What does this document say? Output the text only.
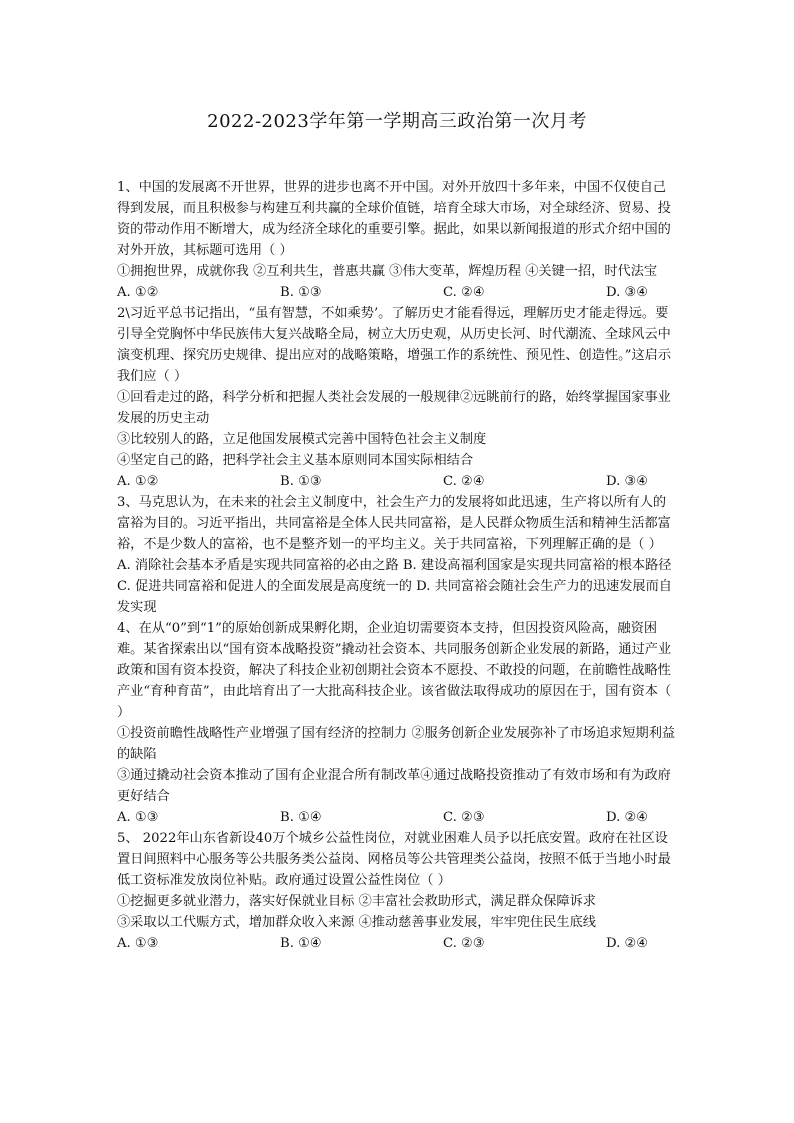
2022-2023学年第一学期高三政治第一次月考

1、中国的发展离不开世界，世界的进步也离不开中国。对外开放四十多年来，中国不仅使自己得到发展，而且积极参与构建互利共赢的全球价值链，培育全球大市场，对全球经济、贸易、投资的带动作用不断增大，成为经济全球化的重要引擎。据此，如果以新闻报道的形式介绍中国的对外开放，其标题可选用（ ）

①拥抱世界，成就你我 ②互利共生，普惠共赢 ③伟大变革，辉煌历程 ④关键一招，时代法宝

A. ①②	B. ①③	C. ②④	D. ③④

2\习近平总书记指出，“虽有智慧，不如乘势’。了解历史才能看得远，理解历史才能走得远。要引导全党胸怀中华民族伟大复兴战略全局，树立大历史观，从历史长河、时代潮流、全球风云中演变机理、探究历史规律、提出应对的战略策略，增强工作的系统性、预见性、创造性。”这启示我们应（ ）

①回看走过的路，科学分析和把握人类社会发展的一般规律②远眺前行的路，始终掌握国家事业发展的历史主动

③比较别人的路，立足他国发展模式完善中国特色社会主义制度

④坚定自己的路，把科学社会主义基本原则同本国实际相结合

A. ①②	B. ①③	C. ②④	D. ③④

3、马克思认为，在未来的社会主义制度中，社会生产力的发展将如此迅速，生产将以所有人的富裕为目的。习近平指出，共同富裕是全体人民共同富裕，是人民群众物质生活和精神生活都富裕，不是少数人的富裕，也不是整齐划一的平均主义。关于共同富裕，下列理解正确的是（ ）

A. 消除社会基本矛盾是实现共同富裕的必由之路 B. 建设高福利国家是实现共同富裕的根本路径

C. 促进共同富裕和促进人的全面发展是高度统一的 D. 共同富裕会随社会生产力的迅速发展而自发实现

4、在从“0”到“1”的原始创新成果孵化期，企业迫切需要资本支持，但因投资风险高，融资困难。某省探索出以“国有资本战略投资”撬动社会资本、共同服务创新企业发展的新路，通过产业政策和国有资本投资，解决了科技企业初创期社会资本不愿投、不敢投的问题，在前瞻性战略性产业“育种育苗”，由此培育出了一大批高科技企业。该省做法取得成功的原因在于，国有资本（ ）

①投资前瞻性战略性产业增强了国有经济的控制力 ②服务创新企业发展弥补了市场追求短期利益的缺陷

③通过撬动社会资本推动了国有企业混合所有制改革④通过战略投资推动了有效市场和有为政府更好结合

A. ①③	B. ①④	C. ②③	D. ②④

5、 2022年山东省新设40万个城乡公益性岗位，对就业困难人员予以托底安置。政府在社区设置日间照料中心服务等公共服务类公益岗、网格员等公共管理类公益岗，按照不低于当地小时最低工资标准发放岗位补贴。政府通过设置公益性岗位（ ）

①挖掘更多就业潜力，落实好保就业目标 ②丰富社会救助形式，满足群众保障诉求

③采取以工代赈方式，增加群众收入来源 ④推动慈善事业发展，牢牢兜住民生底线

A. ①③	B. ①④	C. ②③	D. ②④
